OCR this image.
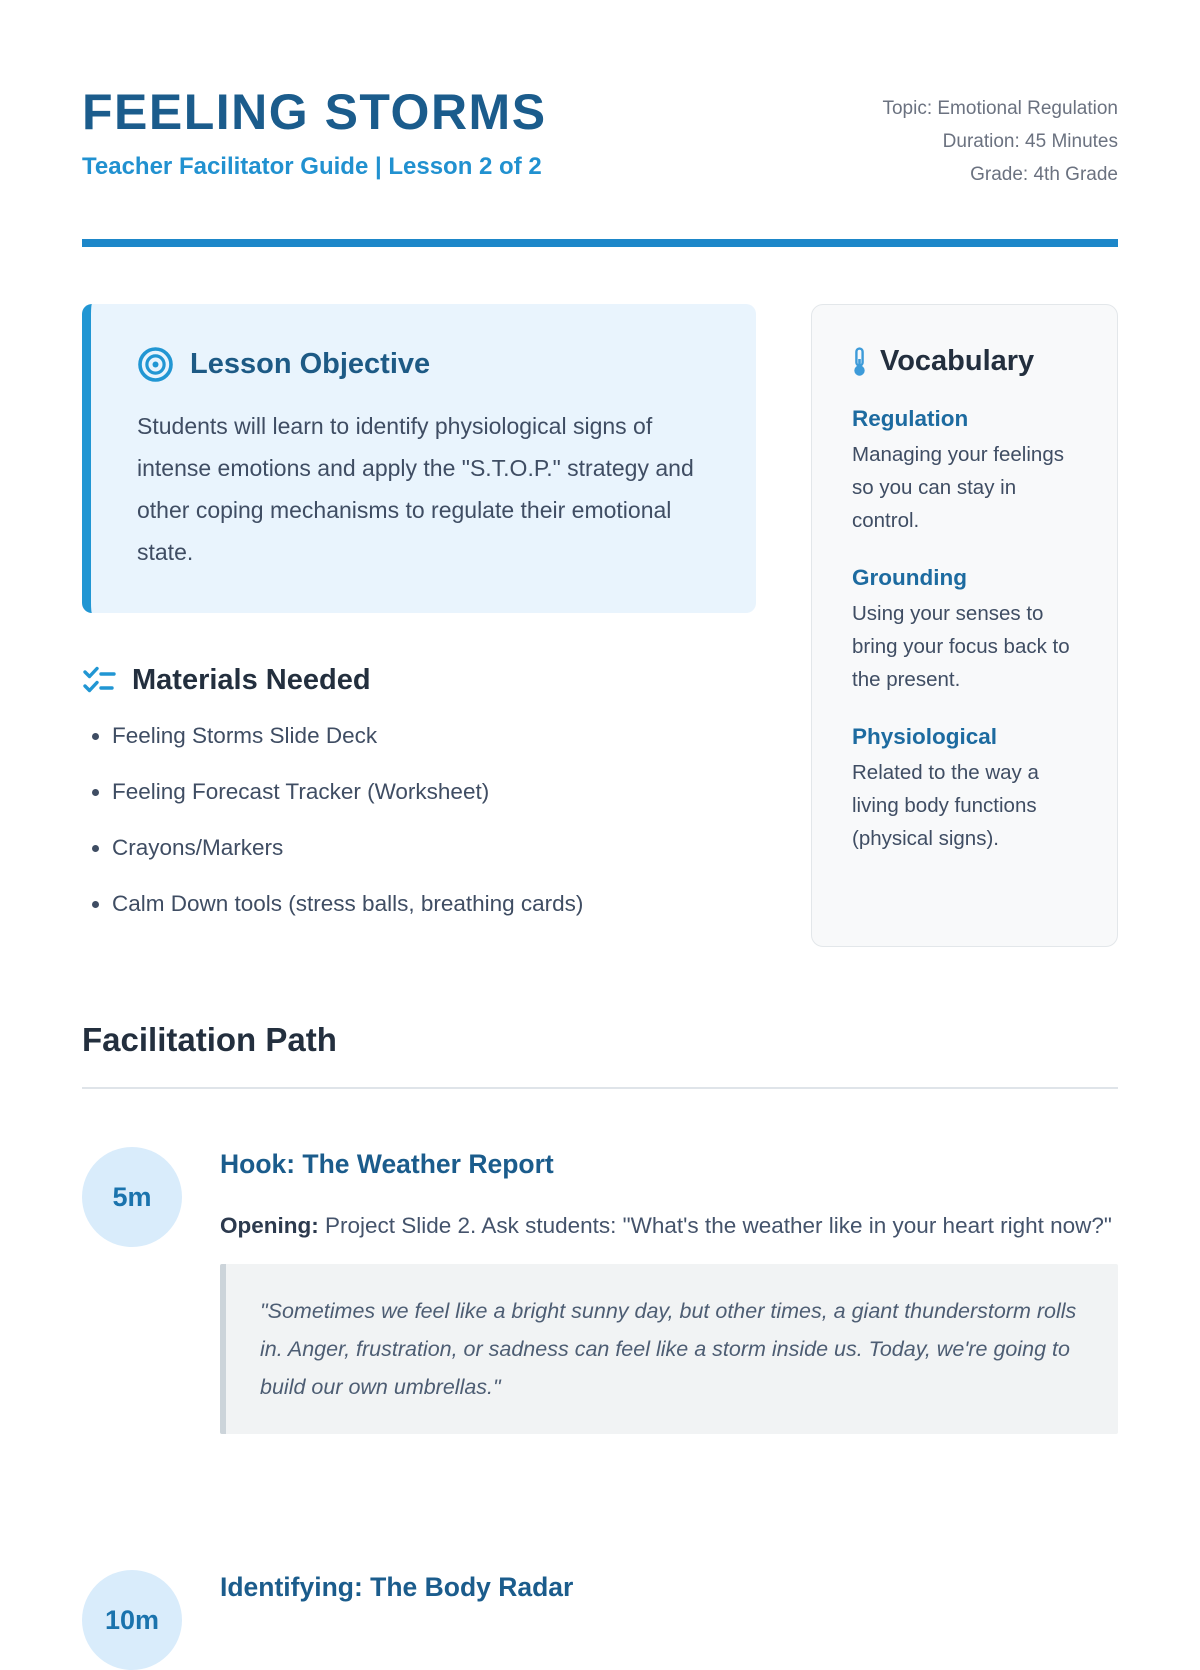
FEELING STORMS
Teacher Facilitator Guide | Lesson 2 of 2
Topic: Emotional Regulation
Duration: 45 Minutes
Grade: 4th Grade
Lesson Objective

Students will learn to identify physiological signs of intense emotions and apply the "S.T.O.P." strategy and other coping mechanisms to regulate their emotional state.

Materials Needed
• Feeling Storms Slide Deck
• Feeling Forecast Tracker (Worksheet)
• Crayons/Markers
• Calm Down tools (stress balls, breathing cards)
Vocabulary
Regulation
Managing your feelings so you can stay in control.
Grounding
Using your senses to bring your focus back to the present.
Physiological
Related to the way a living body functions (physical signs).
Facilitation Path
5m
Hook: The Weather Report

Opening: Project Slide 2. Ask students: "What's the weather like in your heart right now?"

"Sometimes we feel like a bright sunny day, but other times, a giant thunderstorm rolls in. Anger, frustration, or sadness can feel like a storm inside us. Today, we're going to build our own umbrellas."
10m
Identifying: The Body Radar
